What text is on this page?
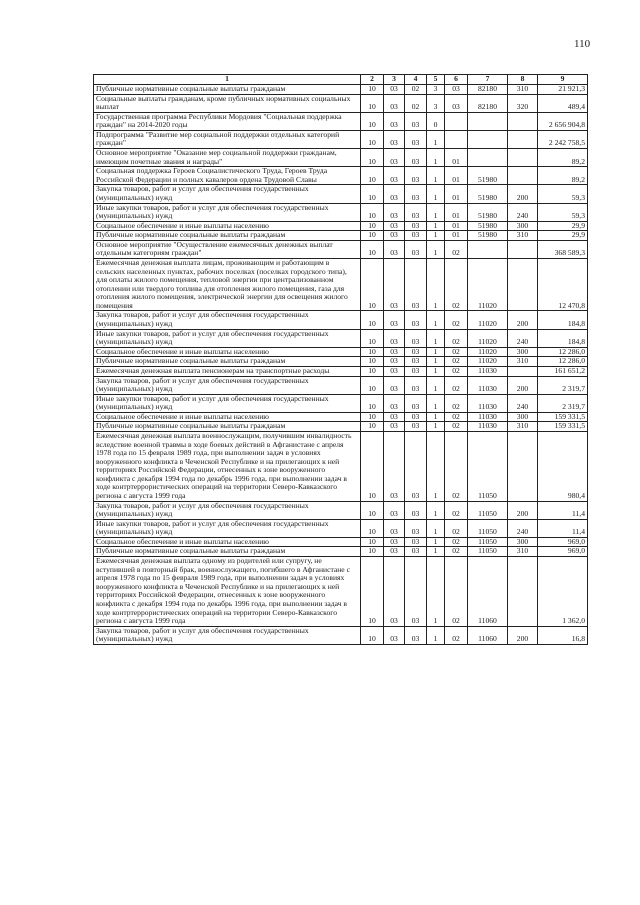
110
1	2	3	4	5	6	7	8	9
Публичные нормативные социальные выплаты гражданам	10	03	02	3	03	82180	310	21 921,3
Социальные выплаты гражданам, кроме публичных нормативных социальных выплат	10	03	02	3	03	82180	320	489,4
Государственная программа Республики Мордовия "Социальная поддержка граждан" на 2014-2020 годы	10	03	03	0				2 656 904,8
Подпрограмма "Развитие мер социальной поддержки отдельных категорий граждан"	10	03	03	1				2 242 758,5
Основное мероприятие "Оказание мер социальной поддержки гражданам, имеющим почетные звания и награды"	10	03	03	1	01			89,2
Социальная поддержка Героев Социалистического Труда, Героев Труда Российской Федерации и полных кавалеров ордена Трудовой Славы	10	03	03	1	01	51980		89,2
Закупка товаров, работ и услуг для обеспечения государственных (муниципальных) нужд	10	03	03	1	01	51980	200	59,3
Иные закупки товаров, работ и услуг для обеспечения государственных (муниципальных) нужд	10	03	03	1	01	51980	240	59,3
Социальное обеспечение и иные выплаты населению	10	03	03	1	01	51980	300	29,9
Публичные нормативные социальные выплаты гражданам	10	03	03	1	01	51980	310	29,9
Основное мероприятие "Осуществление ежемесячных денежных выплат отдельным категориям граждан"	10	03	03	1	02			368 589,3
Ежемесячная денежная выплата лицам, проживающим и работающим в сельских населенных пунктах, рабочих поселках (поселках городского типа), для оплаты жилого помещения, тепловой энергии при централизованном отоплении или твердого топлива для отопления жилого помещения, газа для отопления жилого помещения, электрической энергии для освещения жилого помещения	10	03	03	1	02	11020		12 470,8
Закупка товаров, работ и услуг для обеспечения государственных (муниципальных) нужд	10	03	03	1	02	11020	200	184,8
Иные закупки товаров, работ и услуг для обеспечения государственных (муниципальных) нужд	10	03	03	1	02	11020	240	184,8
Социальное обеспечение и иные выплаты населению	10	03	03	1	02	11020	300	12 286,0
Публичные нормативные социальные выплаты гражданам	10	03	03	1	02	11020	310	12 286,0
Ежемесячная денежная выплата пенсионерам на транспортные расходы	10	03	03	1	02	11030		161 651,2
Закупка товаров, работ и услуг для обеспечения государственных (муниципальных) нужд	10	03	03	1	02	11030	200	2 319,7
Иные закупки товаров, работ и услуг для обеспечения государственных (муниципальных) нужд	10	03	03	1	02	11030	240	2 319,7
Социальное обеспечение и иные выплаты населению	10	03	03	1	02	11030	300	159 331,5
Публичные нормативные социальные выплаты гражданам	10	03	03	1	02	11030	310	159 331,5
Ежемесячная денежная выплата военнослужащим, получившим инвалидность вследствие военной травмы в ходе боевых действий в Афганистане с апреля 1978 года по 15 февраля 1989 года, при выполнении задач в условиях вооруженного конфликта в Чеченской Республике и на прилегающих к ней территориях Российской Федерации, отнесенных к зоне вооруженного конфликта с декабря 1994 года по декабрь 1996 года, при выполнении задач в ходе контртеррористических операций на территории Северо-Кавказского региона с августа 1999 года	10	03	03	1	02	11050		980,4
Закупка товаров, работ и услуг для обеспечения государственных (муниципальных) нужд	10	03	03	1	02	11050	200	11,4
Иные закупки товаров, работ и услуг для обеспечения государственных (муниципальных) нужд	10	03	03	1	02	11050	240	11,4
Социальное обеспечение и иные выплаты населению	10	03	03	1	02	11050	300	969,0
Публичные нормативные социальные выплаты гражданам	10	03	03	1	02	11050	310	969,0
Ежемесячная денежная выплата одному из родителей или супругу, не вступившей в повторный брак, военнослужащего, погибшего в Афганистане с апреля 1978 года по 15 февраля 1989 года, при выполнении задач в условиях вооруженного конфликта в Чеченской Республике и на прилегающих к ней территориях Российской Федерации, отнесенных к зоне вооруженного конфликта с декабря 1994 года по декабрь 1996 года, при выполнении задач в ходе контртеррористических операций на территории Северо-Кавказского региона с августа 1999 года	10	03	03	1	02	11060		1 362,0
Закупка товаров, работ и услуг для обеспечения государственных (муниципальных) нужд	10	03	03	1	02	11060	200	16,8
